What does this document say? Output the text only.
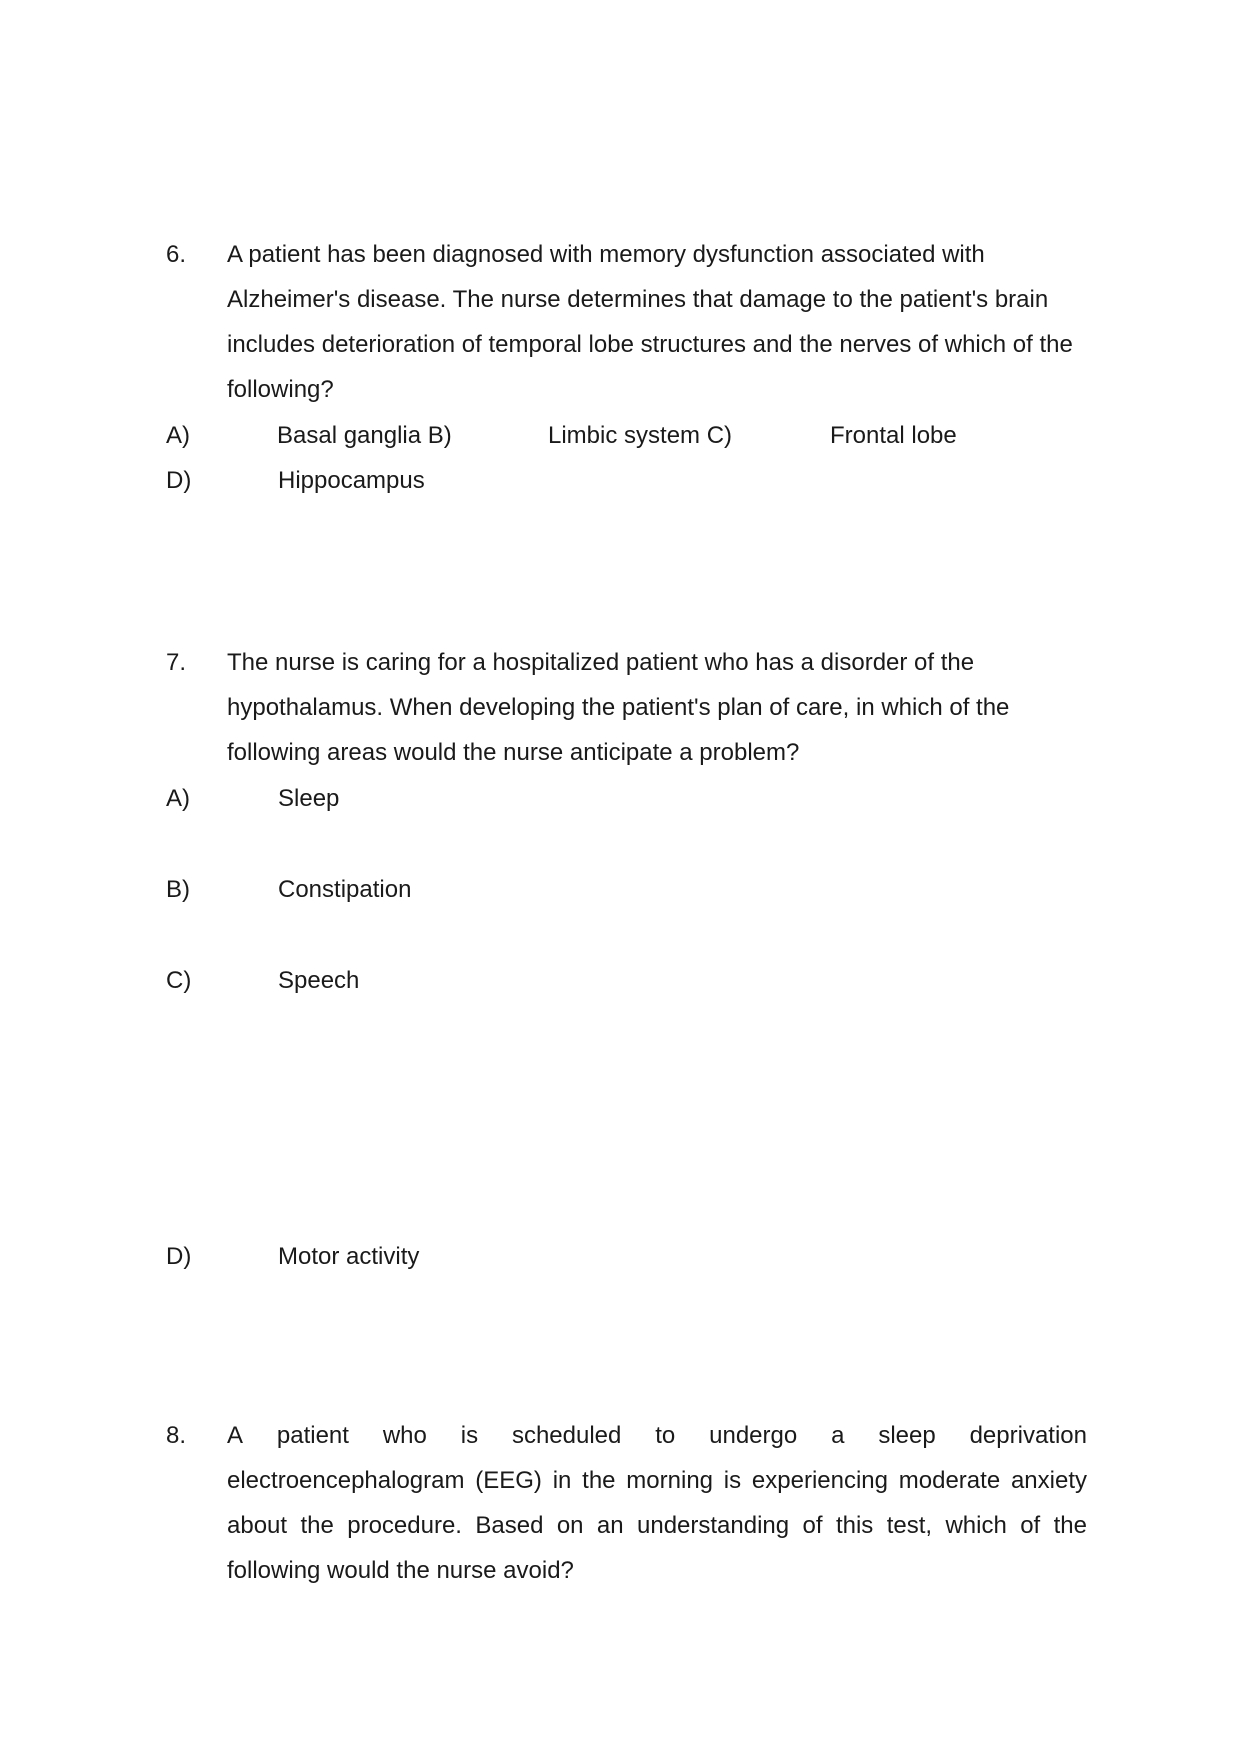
6. A patient has been diagnosed with memory dysfunction associated with Alzheimer's disease. The nurse determines that damage to the patient's brain includes deterioration of temporal lobe structures and the nerves of which of the following?
A)	Basal ganglia B)	Limbic system C)	Frontal lobe
D)	Hippocampus
7. The nurse is caring for a hospitalized patient who has a disorder of the hypothalamus. When developing the patient's plan of care, in which of the following areas would the nurse anticipate a problem?
A)	Sleep
B)	Constipation
C)	Speech
D)	Motor activity
8. A patient who is scheduled to undergo a sleep deprivation
electroencephalogram (EEG) in the morning is experiencing moderate anxiety about the procedure. Based on an understanding of this test, which of the following would the nurse avoid?
